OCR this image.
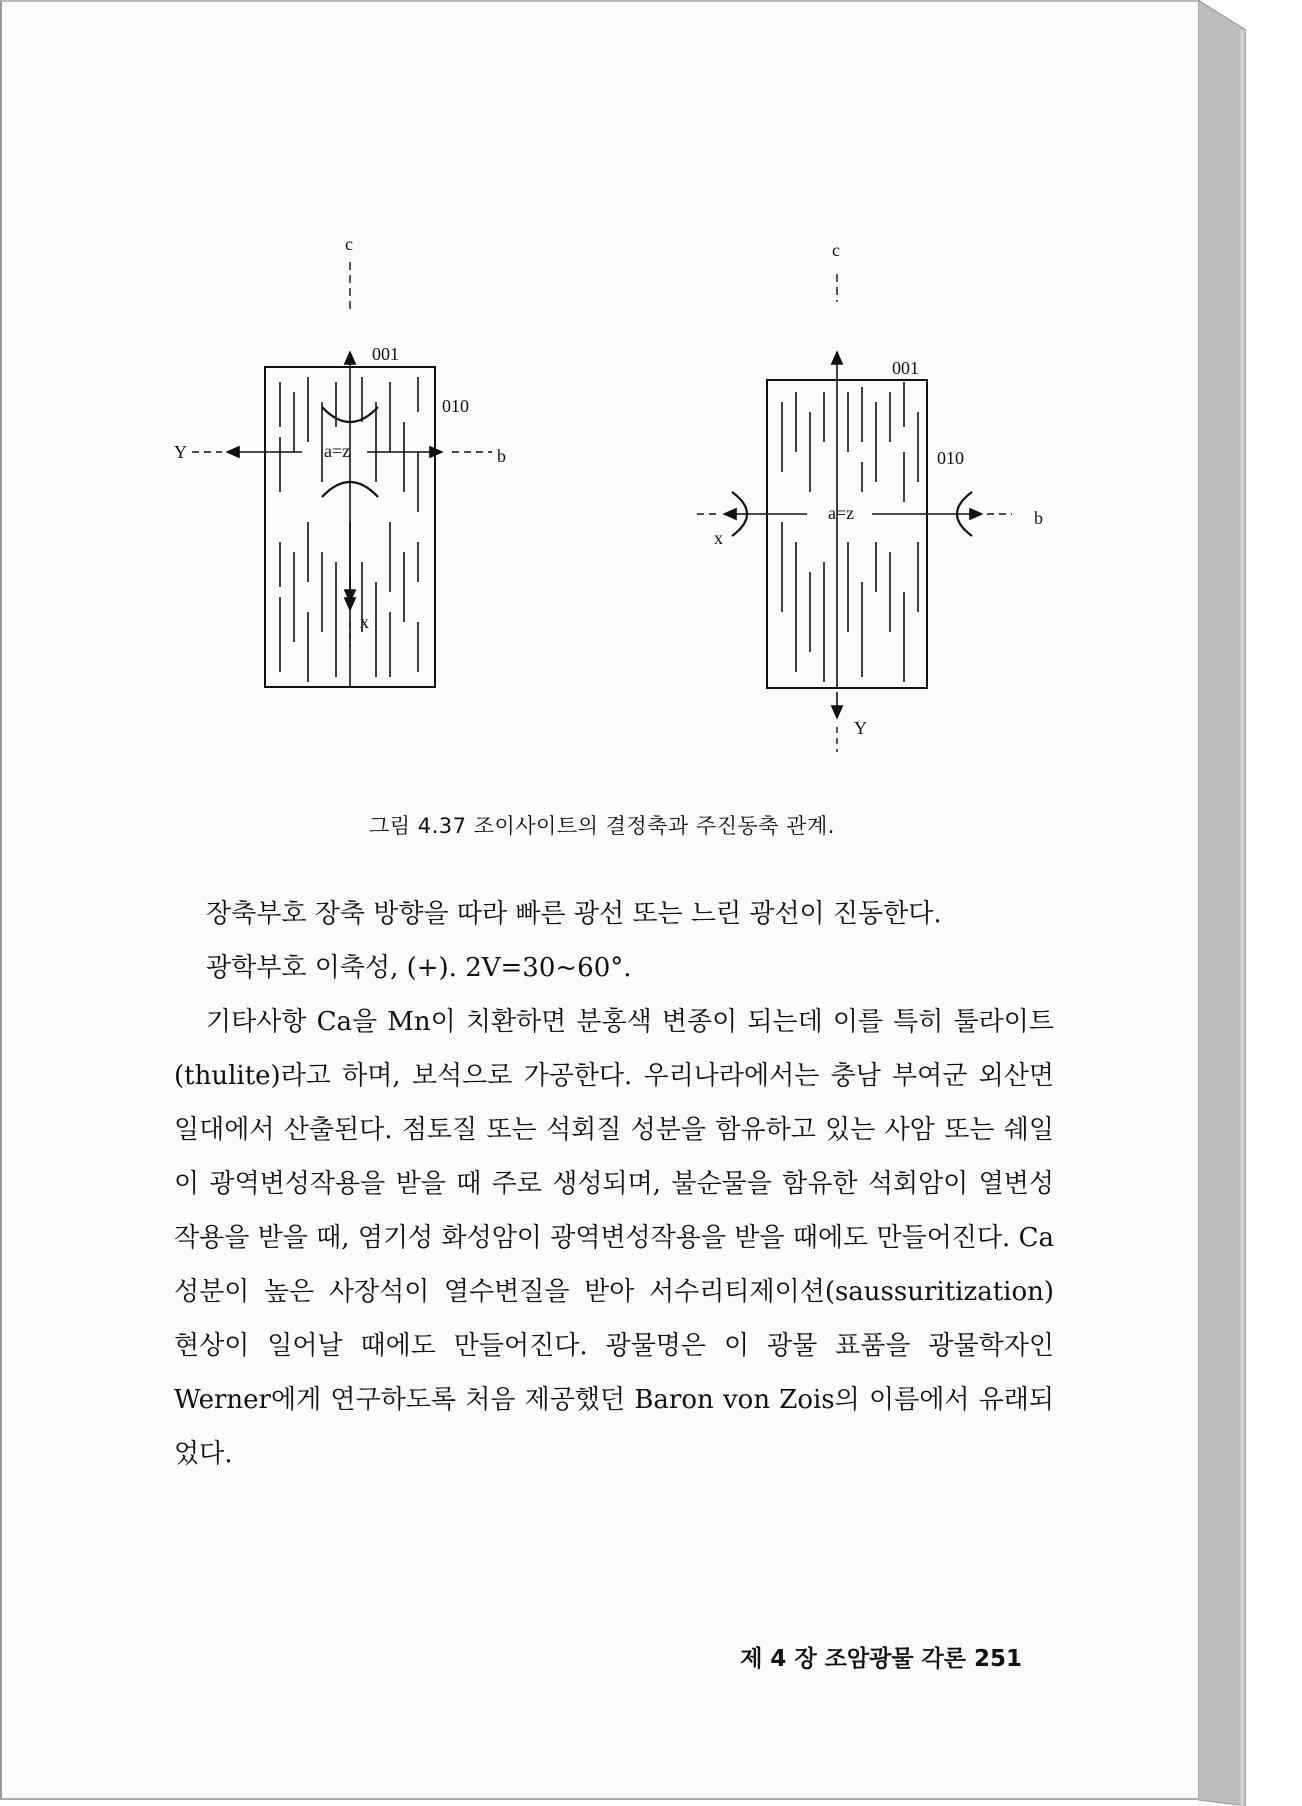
c
001
010
Y	b
a=z
x
c
001
010
x
b
a=z
Y
그림 4.37 조이사이트의 결정축과 주진동축 관계.

장축부호 장축 방향을 따라 빠른 광선 또는 느린 광선이 진동한다.

광학부호 이축성, (+). 2V=30~60°.

기타사항 Ca을 Mn이 치환하면 분홍색 변종이 되는데 이를 특히 툴라이트(thulite)라고 하며, 보석으로 가공한다. 우리나라에서는 충남 부여군 외산면 일대에서 산출된다. 점토질 또는 석회질 성분을 함유하고 있는 사암 또는 쉐일이 광역변성작용을 받을 때 주로 생성되며, 불순물을 함유한 석회암이 열변성작용을 받을 때, 염기성 화성암이 광역변성작용을 받을 때에도 만들어진다. Ca 성분이 높은 사장석이 열수변질을 받아 서수리티제이션(saussuritization) 현상이 일어날 때에도 만들어진다. 광물명은 이 광물 표품을 광물학자인 Werner에게 연구하도록 처음 제공했던 Baron von Zois의 이름에서 유래되었다.

제 4 장 조암광물 각론 251
